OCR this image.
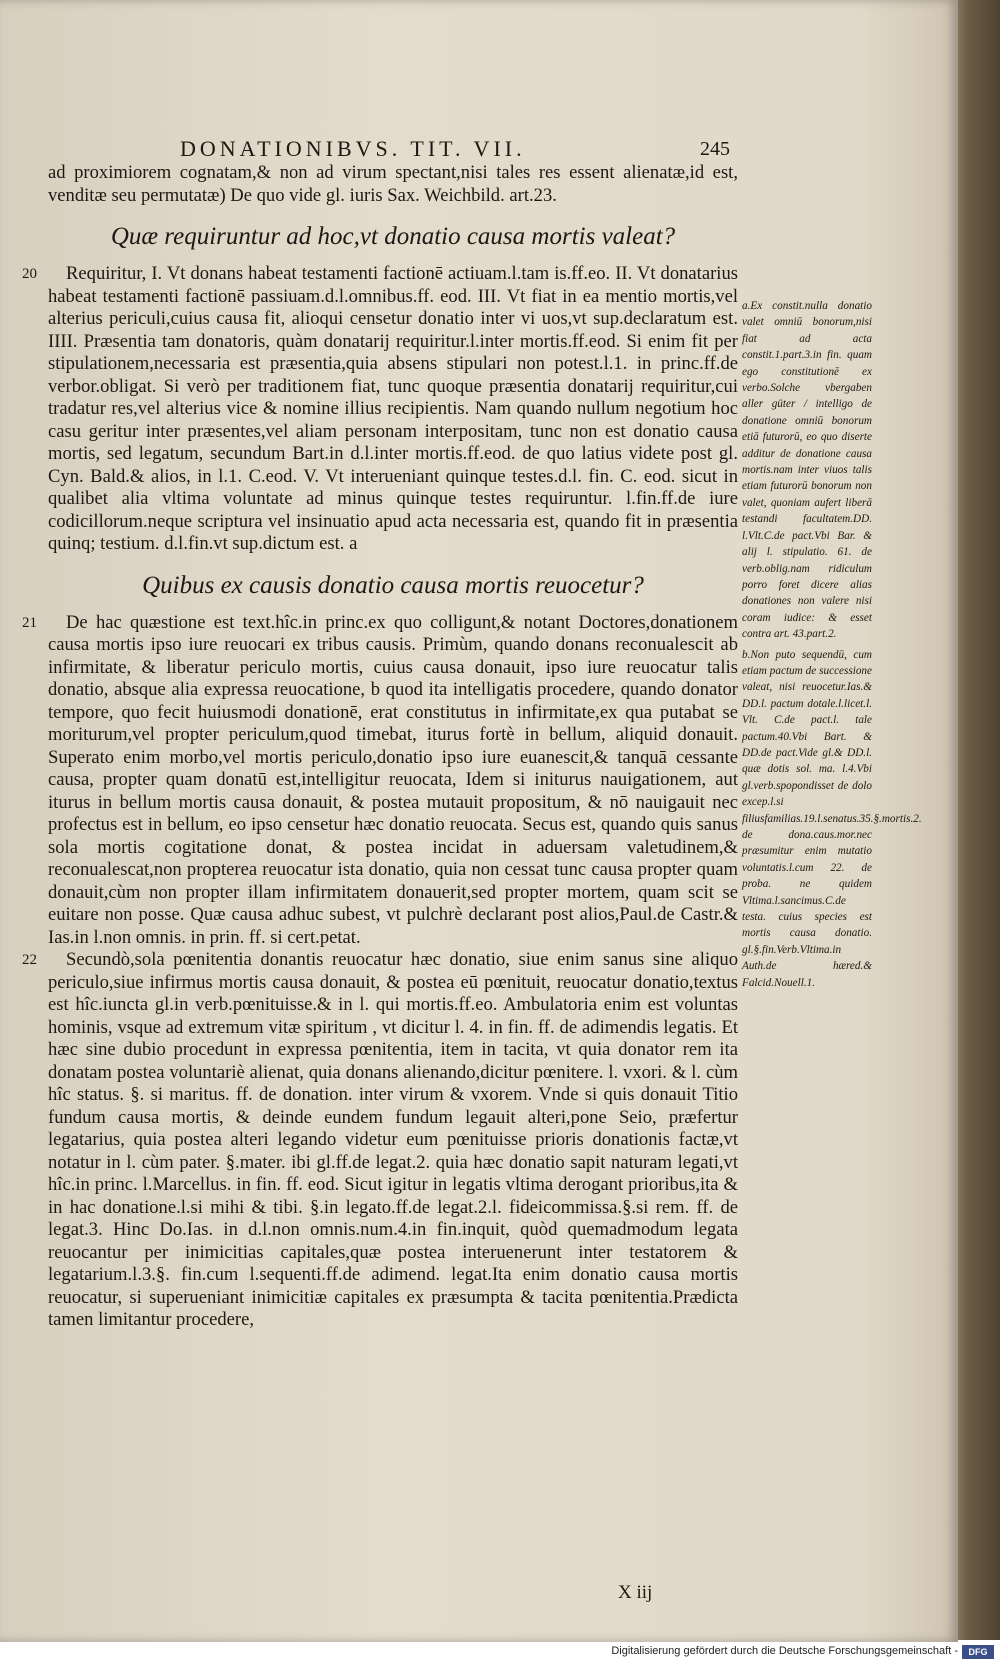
DONATIONIBVS. TIT. VII.	245

ad proximiorem cognatam,& non ad virum spectant,nisi tales res essent alienatæ,id est, venditæ seu permutatæ) De quo vide gl. iuris Sax. Weichbild. art.23.

Quæ requiruntur ad hoc,vt donatio causa mortis valeat?

20	Requiritur, I. Vt donans habeat testamenti factionē actiuam.l.tam is.ff.eo. II. Vt donatarius habeat testamenti factionē passiuam.d.l.omnibus.ff. eod. III. Vt fiat in ea mentio mortis,vel alterius periculi,cuius causa fit, alioqui censetur donatio inter vi uos,vt sup.declaratum est. IIII. Præsentia tam donatoris, quàm donatarij requiritur.l.inter mortis.ff.eod. Si enim fit per stipulationem,necessaria est præsentia,quia absens stipulari non potest.l.1. in princ.ff.de verbor.obligat. Si verò per traditionem fiat, tunc quoque præsentia donatarij requiritur,cui tradatur res,vel alterius vice & nomine illius recipientis. Nam quando nullum negotium hoc casu geritur inter præsentes,vel aliam personam interpositam, tunc non est donatio causa mortis, sed legatum, secundum Bart.in d.l.inter mortis.ff.eod. de quo latius videte post gl. Cyn. Bald.& alios, in l.1. C.eod. V. Vt interueniant quinque testes.d.l. fin. C. eod. sicut in qualibet alia vltima voluntate ad minus quinque testes requiruntur. l.fin.ff.de iure codicillorum.neque scriptura vel insinuatio apud acta necessaria est, quando fit in præsentia quinq; testium. d.l.fin.vt sup.dictum est. a

Quibus ex causis donatio causa mortis reuocetur?

21	De hac quæstione est text.hîc.in princ.ex quo colligunt,& notant Doctores,donationem causa mortis ipso iure reuocari ex tribus causis. Primùm, quando donans reconualescit ab infirmitate, & liberatur periculo mortis, cuius causa donauit, ipso iure reuocatur talis donatio, absque alia expressa reuocatione, b quod ita intelligatis procedere, quando donator tempore, quo fecit huiusmodi donationē, erat constitutus in infirmitate,ex qua putabat se moriturum,vel propter periculum,quod timebat, iturus fortè in bellum, aliquid donauit. Superato enim morbo,vel mortis periculo,donatio ipso iure euanescit,& tanquā cessante causa, propter quam donatū est,intelligitur reuocata, Idem si initurus nauigationem, aut iturus in bellum mortis causa donauit, & postea mutauit propositum, & nō nauigauit nec profectus est in bellum, eo ipso censetur hæc donatio reuocata. Secus est, quando quis sanus sola mortis cogitatione donat, & postea incidat in aduersam valetudinem,& reconualescat,non propterea reuocatur ista donatio, quia non cessat tunc causa propter quam donauit,cùm non propter illam infirmitatem donauerit,sed propter mortem, quam scit se euitare non posse. Quæ causa adhuc subest, vt pulchrè declarant post alios,Paul.de Castr.& Ias.in l.non omnis. in prin. ff. si cert.petat.

22	Secundò,sola pœnitentia donantis reuocatur hæc donatio, siue enim sanus sine aliquo periculo,siue infirmus mortis causa donauit, & postea eū pœnituit, reuocatur donatio,textus est hîc.iuncta gl.in verb.pœnituisse.& in l. qui mortis.ff.eo. Ambulatoria enim est voluntas hominis, vsque ad extremum vitæ spiritum , vt dicitur l. 4. in fin. ff. de adimendis legatis. Et hæc sine dubio procedunt in expressa pœnitentia, item in tacita, vt quia donator rem ita donatam postea voluntariè alienat, quia donans alienando,dicitur pœnitere. l. vxori. & l. cùm hîc status. §. si maritus. ff. de donation. inter virum & vxorem. Vnde si quis donauit Titio fundum causa mortis, & deinde eundem fundum legauit alteri,pone Seio, præfertur legatarius, quia postea alteri legando videtur eum pœnituisse prioris donationis factæ,vt notatur in l. cùm pater. §.mater. ibi gl.ff.de legat.2. quia hæc donatio sapit naturam legati,vt hîc.in princ. l.Marcellus. in fin. ff. eod. Sicut igitur in legatis vltima derogant prioribus,ita & in hac donatione.l.si mihi & tibi. §.in legato.ff.de legat.2.l. fideicommissa.§.si rem. ff. de legat.3. Hinc Do.Ias. in d.l.non omnis.num.4.in fin.inquit, quòd quemadmodum legata reuocantur per inimicitias capitales,quæ postea interuenerunt inter testatorem & legatarium.l.3.§. fin.cum l.sequenti.ff.de adimend. legat.Ita enim donatio causa mortis reuocatur, si superueniant inimicitiæ capitales ex præsumpta & tacita pœnitentia.Prædicta tamen limitantur procedere,

a.Ex constit.nulla donatio valet omniū bonorum,nisi fiat ad acta constit.1.part.3.in fin. quam ego constitutionē ex verbo.Solche vbergaben aller güter / intelligo de donatione omniū bonorum etiā futurorū, eo quo diserte additur de donatione causa mortis.nam inter viuos talis etiam futurorū bonorum non valet, quoniam aufert liberā testandi facultatem.DD. l.Vlt.C.de pact.Vbi Bar. & alij l. stipulatio. 61. de verb.oblig.nam ridiculum porro foret dicere alias donationes non valere nisi coram iudice: & esset contra art. 43.part.2.

b.Non puto sequendū, cum etiam pactum de successione valeat, nisi reuocetur.Ias.& DD.l. pactum dotale.l.licet.l. Vlt. C.de pact.l. tale pactum.40.Vbi Bart. & DD.de pact.Vide gl.& DD.l. quæ dotis sol. ma. l.4.Vbi gl.verb.spopondisset de dolo excep.l.si filiusfamilias.19.l.senatus.35.§.mortis.2. de dona.caus.mor.nec præsumitur enim mutatio voluntatis.l.cum 22. de proba. ne quidem Vltima.l.sancimus.C.de testa. cuius species est mortis causa donatio. gl.§.fin.Verb.Vltima.in Auth.de hæred.& Falcid.Nouell.1.

X iij
Digitalisierung gefördert durch die Deutsche Forschungsgemeinschaft -	DFG
